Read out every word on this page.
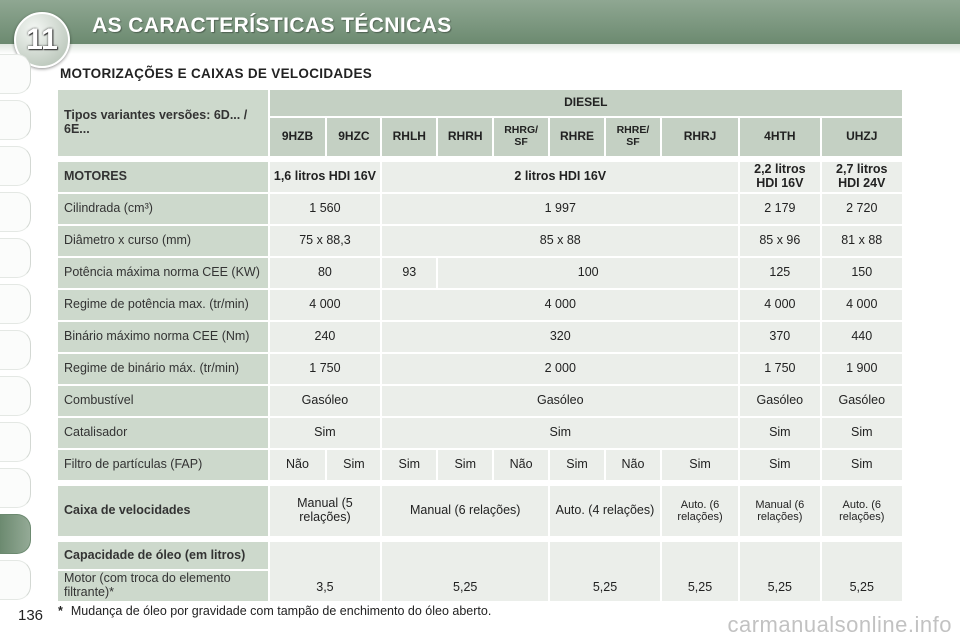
11 AS CARACTERÍSTICAS TÉCNICAS
MOTORIZAÇÕES E CAIXAS DE VELOCIDADES
Tipos variantes versões: 6D... / 6E...	DIESEL									
	9HZB	9HZC	RHLH	RHRH	RHRG/ SF	RHRE	RHRE/ SF	RHRJ	4HTH	UHZJ

MOTORES	1,6 litros HDI 16V		2 litros HDI 16V						2,2 litros HDI 16V	2,7 litros HDI 24V
Cilindrada (cm³)	1 560		1 997						2 179	2 720
Diâmetro x curso (mm)	75 x 88,3		85 x 88						85 x 96	81 x 88
Potência máxima norma CEE (KW)	80		93	100					125	150
Regime de potência max. (tr/min)	4 000		4 000						4 000	4 000
Binário máximo norma CEE (Nm)	240		320						370	440
Regime de binário máx. (tr/min)	1 750		2 000						1 750	1 900
Combustível	Gasóleo		Gasóleo						Gasóleo	Gasóleo
Catalisador	Sim		Sim						Sim	Sim
Filtro de partículas (FAP)	Não	Sim	Sim	Sim	Não	Sim	Não	Sim	Sim	Sim

Caixa de velocidades	Manual (5 relações)		Manual (6 relações)			Auto. (4 relações)		Auto. (6 relações)	Manual (6 relações)	Auto. (6 relações)

Capacidade de óleo (em litros)	3,5		5,25			5,25		5,25	5,25	5,25
Motor (com troca do elemento filtrante)*										
136 * Mudança de óleo por gravidade com tampão de enchimento do óleo aberto.
carmanualsonline.info
